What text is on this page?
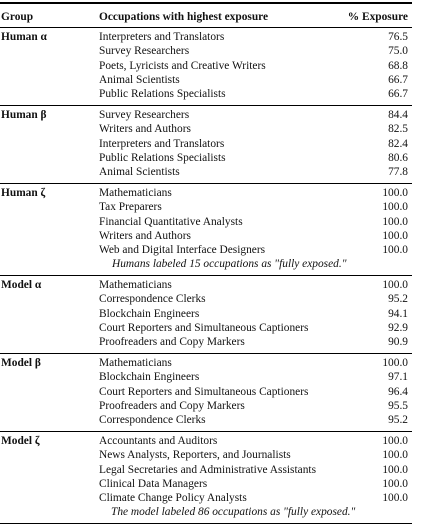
Group	Occupations with highest exposure	% Exposure
Human α	Interpreters and Translators	76.5
Survey Researchers	75.0
Poets, Lyricists and Creative Writers	68.8
Animal Scientists	66.7
Public Relations Specialists	66.7
Human β	Survey Researchers	84.4
Writers and Authors	82.5
Interpreters and Translators	82.4
Public Relations Specialists	80.6
Animal Scientists	77.8
Human ζ	Mathematicians	100.0
Tax Preparers	100.0
Financial Quantitative Analysts	100.0
Writers and Authors	100.0
Web and Digital Interface Designers	100.0
Humans labeled 15 occupations as "fully exposed."
Model α	Mathematicians	100.0
Correspondence Clerks	95.2
Blockchain Engineers	94.1
Court Reporters and Simultaneous Captioners	92.9
Proofreaders and Copy Markers	90.9
Model β	Mathematicians	100.0
Blockchain Engineers	97.1
Court Reporters and Simultaneous Captioners	96.4
Proofreaders and Copy Markers	95.5
Correspondence Clerks	95.2
Model ζ	Accountants and Auditors	100.0
News Analysts, Reporters, and Journalists	100.0
Legal Secretaries and Administrative Assistants	100.0
Clinical Data Managers	100.0
Climate Change Policy Analysts	100.0
The model labeled 86 occupations as "fully exposed."
